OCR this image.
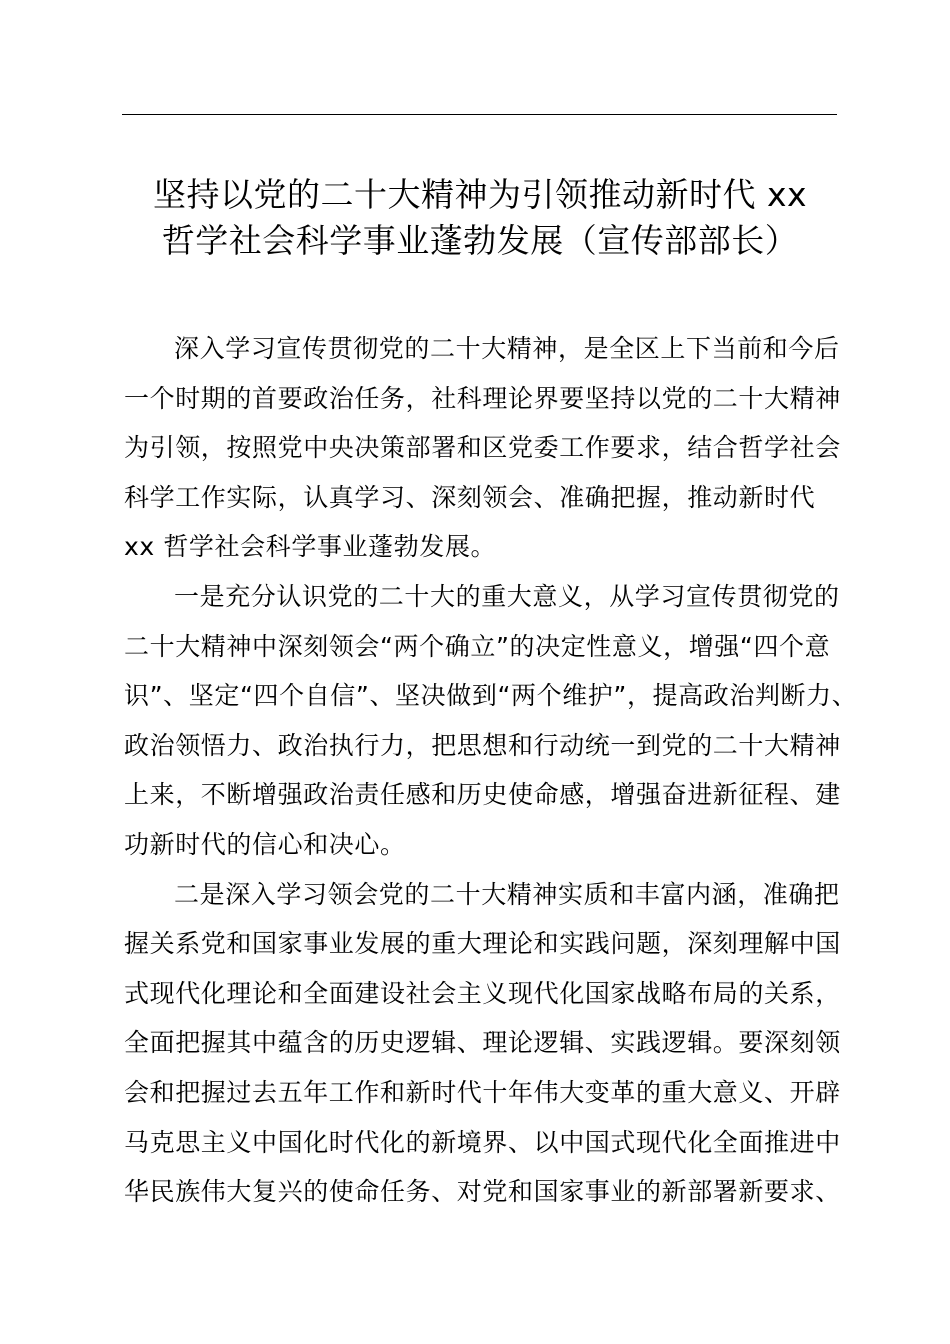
坚持以党的二十大精神为引领推动新时代 xx
哲学社会科学事业蓬勃发展（宣传部部长）

深入学习宣传贯彻党的二十大精神，是全区上下当前和今后
一个时期的首要政治任务，社科理论界要坚持以党的二十大精神
为引领，按照党中央决策部署和区党委工作要求，结合哲学社会
科学工作实际，认真学习、深刻领会、准确把握，推动新时代
xx 哲学社会科学事业蓬勃发展。

一是充分认识党的二十大的重大意义，从学习宣传贯彻党的
二十大精神中深刻领会“两个确立”的决定性意义，增强“四个意
识”、坚定“四个自信”、坚决做到“两个维护”，提高政治判断力、
政治领悟力、政治执行力，把思想和行动统一到党的二十大精神
上来，不断增强政治责任感和历史使命感，增强奋进新征程、建
功新时代的信心和决心。

二是深入学习领会党的二十大精神实质和丰富内涵，准确把
握关系党和国家事业发展的重大理论和实践问题，深刻理解中国
式现代化理论和全面建设社会主义现代化国家战略布局的关系，
全面把握其中蕴含的历史逻辑、理论逻辑、实践逻辑。要深刻领
会和把握过去五年工作和新时代十年伟大变革的重大意义、开辟
马克思主义中国化时代化的新境界、以中国式现代化全面推进中
华民族伟大复兴的使命任务、对党和国家事业的新部署新要求、
